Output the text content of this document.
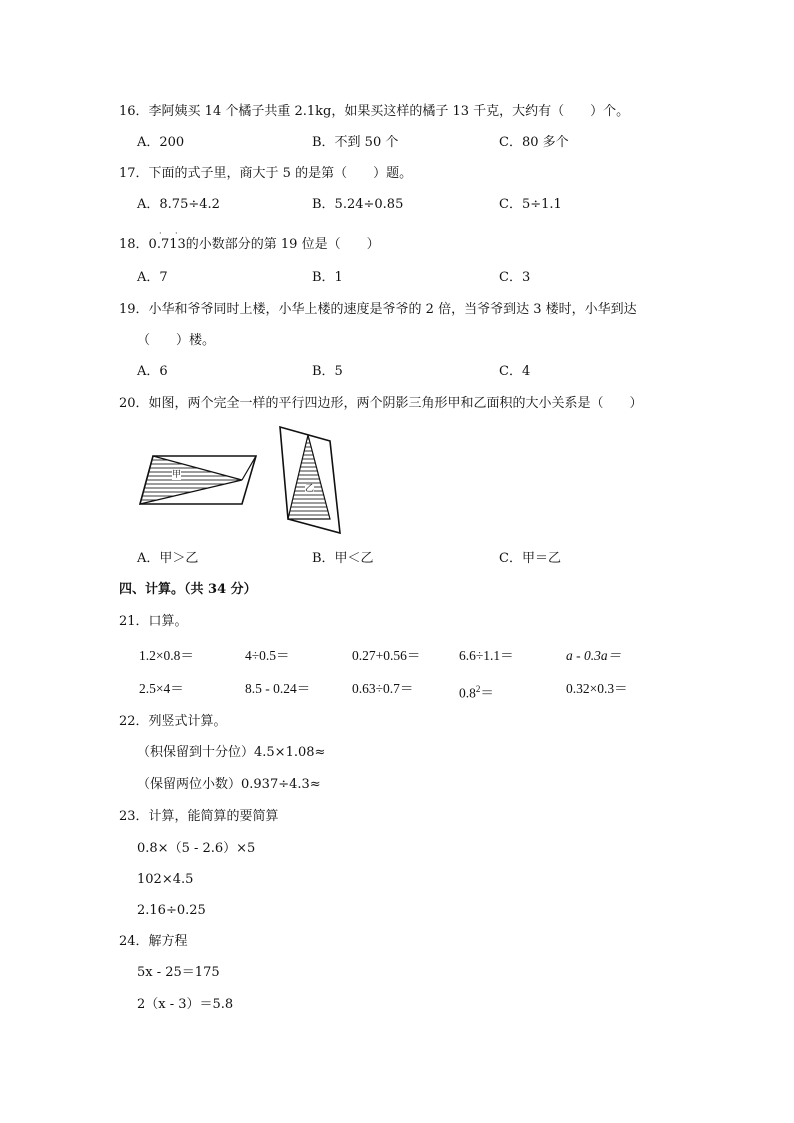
16．李阿姨买 14 个橘子共重 2.1kg，如果买这样的橘子 13 千克，大约有（　　）个。
A．200	B．不到 50 个	C．80 多个
17．下面的式子里，商大于 5 的是第（　　）题。
A．8.75÷4.2	B．5.24÷0.85	C．5÷1.1
· ·
18．0.713的小数部分的第 19 位是（　　）
A．7	B．1	C．3
19．小华和爷爷同时上楼，小华上楼的速度是爷爷的 2 倍，当爷爷到达 3 楼时，小华到达
（　　）楼。
A．6	B．5	C．4
20．如图，两个完全一样的平行四边形，两个阴影三角形甲和乙面积的大小关系是（　　）
甲
乙
A．甲＞乙	B．甲＜乙	C．甲＝乙
四、计算。（共 34 分）
21．口算。
1.2×0.8＝	4÷0.5＝	0.27+0.56＝	6.6÷1.1＝	a - 0.3a＝
2.5×4＝	8.5 - 0.24＝	0.63÷0.7＝	$0.8^2=$	0.32×0.3＝
22．列竖式计算。
（积保留到十分位）4.5×1.08≈
（保留两位小数）0.937÷4.3≈
23．计算，能简算的要简算
0.8×（5 - 2.6）×5
102×4.5
2.16÷0.25
24．解方程
5x - 25＝175
2（x - 3）＝5.8
